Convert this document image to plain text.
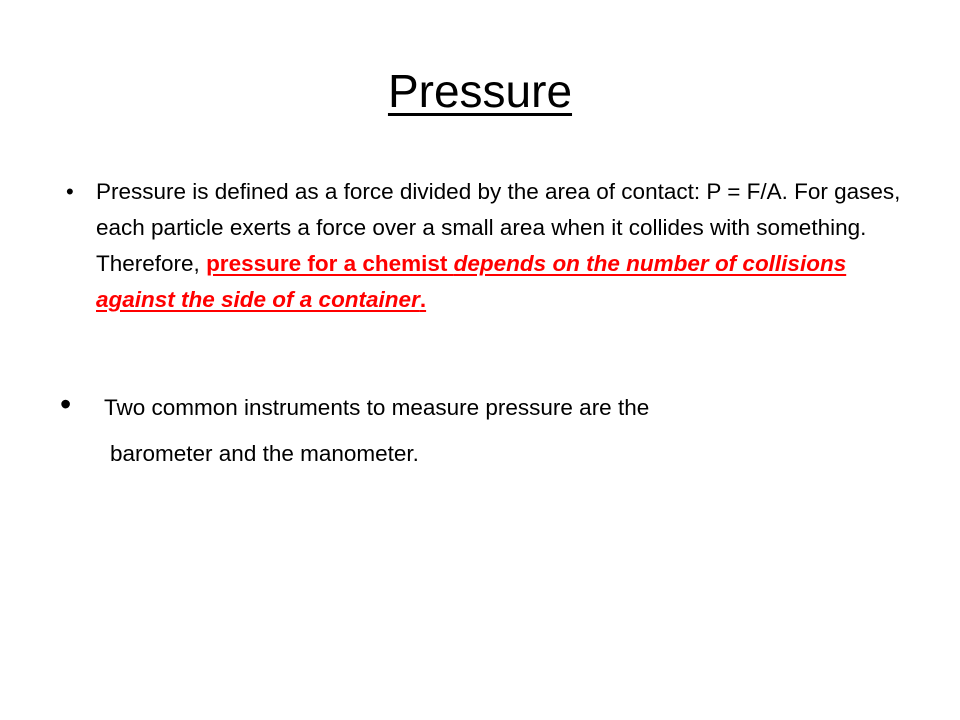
Pressure
• Pressure is defined as a force divided by the area of contact: P = F/A. For gases, each particle exerts a force over a small area when it collides with something. Therefore, pressure for a chemist depends on the number of collisions against the side of a container.
• Two common instruments to measure pressure are the
barometer and the manometer.
